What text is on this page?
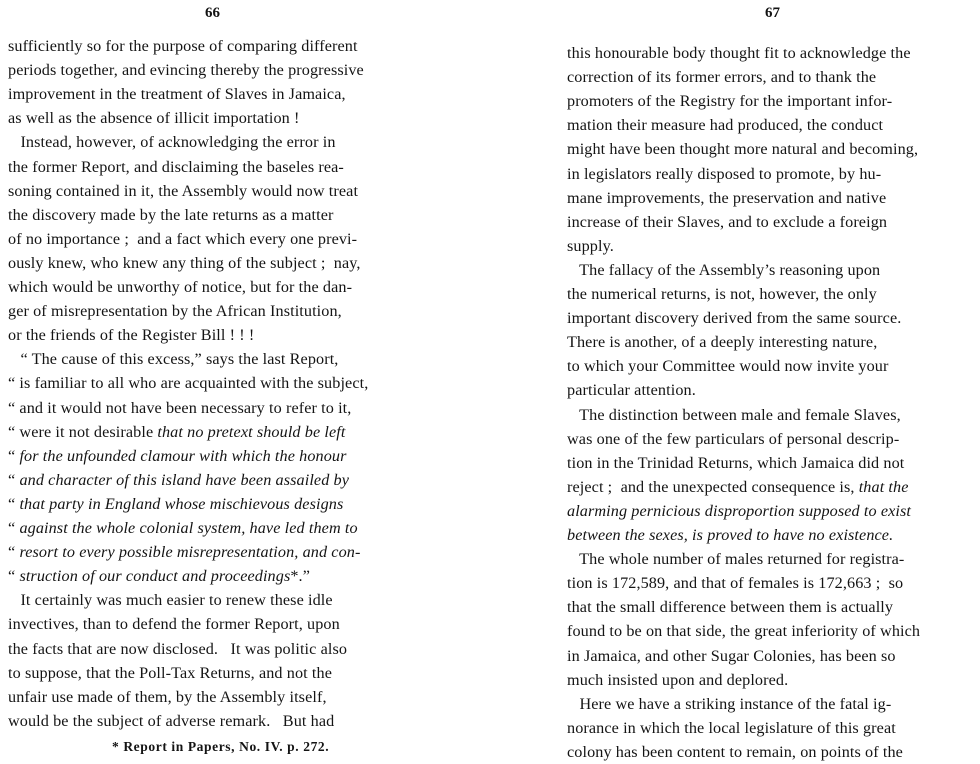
66
sufficiently so for the purpose of comparing different
periods together, and evincing thereby the progressive
improvement in the treatment of Slaves in Jamaica,
as well as the absence of illicit importation !
Instead, however, of acknowledging the error in
the former Report, and disclaiming the baseles rea-
soning contained in it, the Assembly would now treat
the discovery made by the late returns as a matter
of no importance ;  and a fact which every one previ-
ously knew, who knew any thing of the subject ;  nay,
which would be unworthy of notice, but for the dan-
ger of misrepresentation by the African Institution,
or the friends of the Register Bill ! ! !
“ The cause of this excess,” says the last Report,
“ is familiar to all who are acquainted with the subject,
“ and it would not have been necessary to refer to it,
“ were it not desirable that no pretext should be left
“ for the unfounded clamour with which the honour
“ and character of this island have been assailed by
“ that party in England whose mischievous designs
“ against the whole colonial system, have led them to
“ resort to every possible misrepresentation, and con-
“ struction of our conduct and proceedings*.”
It certainly was much easier to renew these idle
invectives, than to defend the former Report, upon
the facts that are now disclosed.   It was politic also
to suppose, that the Poll-Tax Returns, and not the
unfair use made of them, by the Assembly itself,
would be the subject of adverse remark.   But had
* Report in Papers, No. IV. p. 272.
67
this honourable body thought fit to acknowledge the
correction of its former errors, and to thank the
promoters of the Registry for the important infor-
mation their measure had produced, the conduct
might have been thought more natural and becoming,
in legislators really disposed to promote, by hu-
mane improvements, the preservation and native
increase of their Slaves, and to exclude a foreign
supply.
The fallacy of the Assembly’s reasoning upon
the numerical returns, is not, however, the only
important discovery derived from the same source.
There is another, of a deeply interesting nature,
to which your Committee would now invite your
particular attention.
The distinction between male and female Slaves,
was one of the few particulars of personal descrip-
tion in the Trinidad Returns, which Jamaica did not
reject ;  and the unexpected consequence is, that the
alarming pernicious disproportion supposed to exist
between the sexes, is proved to have no existence.
The whole number of males returned for registra-
tion is 172,589, and that of females is 172,663 ;  so
that the small difference between them is actually
found to be on that side, the great inferiority of which
in Jamaica, and other Sugar Colonies, has been so
much insisted upon and deplored.
Here we have a striking instance of the fatal ig-
norance in which the local legislature of this great
colony has been content to remain, on points of the
